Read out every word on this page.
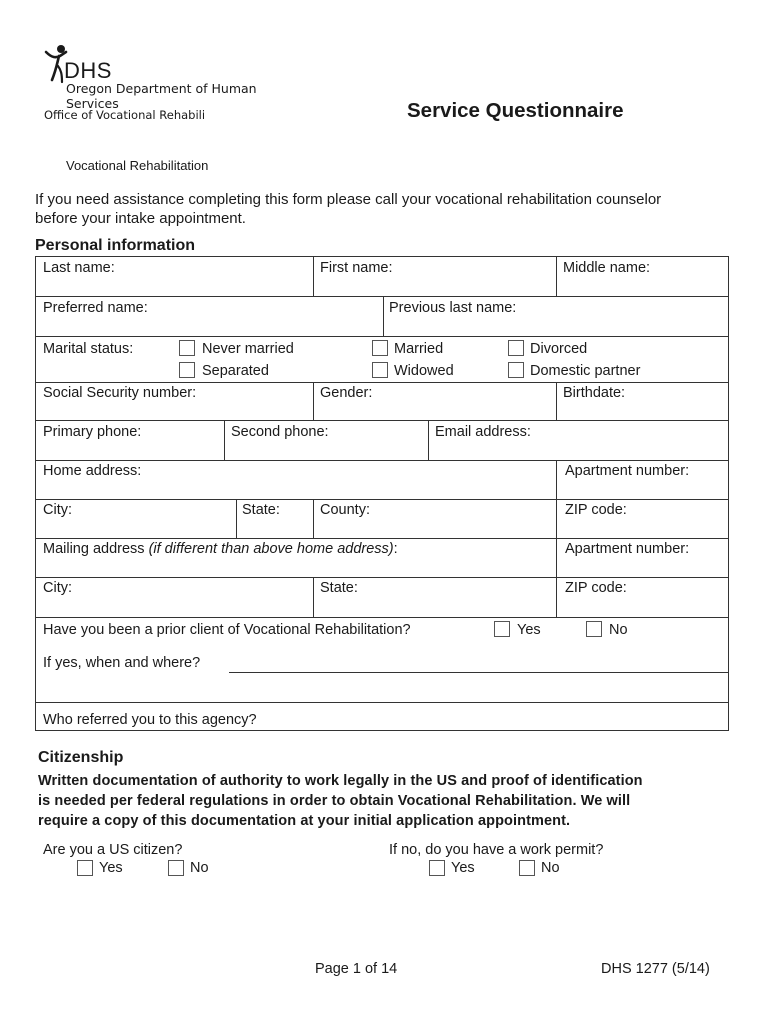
DHS
Oregon Department of Human Services
Office of Vocational Rehabili	Service Questionnaire
Vocational Rehabilitation
If you need assistance completing this form please call your vocational rehabilitation counselor
before your intake appointment.
Personal information
Last name:	First name:	Middle name:
Preferred name:	Previous last name:
Marital status:	Never married	Married	Divorced
Separated	Widowed	Domestic partner
Social Security number:	Gender:	Birthdate:
Primary phone:	Second phone:	Email address:
Home address:	Apartment number:
City:	State:	County:	ZIP code:
Mailing address (if different than above home address):	Apartment number:
City:	State:	ZIP code:
Have you been a prior client of Vocational Rehabilitation?	Yes	No
If yes, when and where?
Who referred you to this agency?
Citizenship
Written documentation of authority to work legally in the US and proof of identification
is needed per federal regulations in order to obtain Vocational Rehabilitation. We will
require a copy of this documentation at your initial application appointment.
Are you a US citizen?
Yes	No
If no, do you have a work permit?
Yes	No
Page 1 of 14	DHS 1277 (5/14)
